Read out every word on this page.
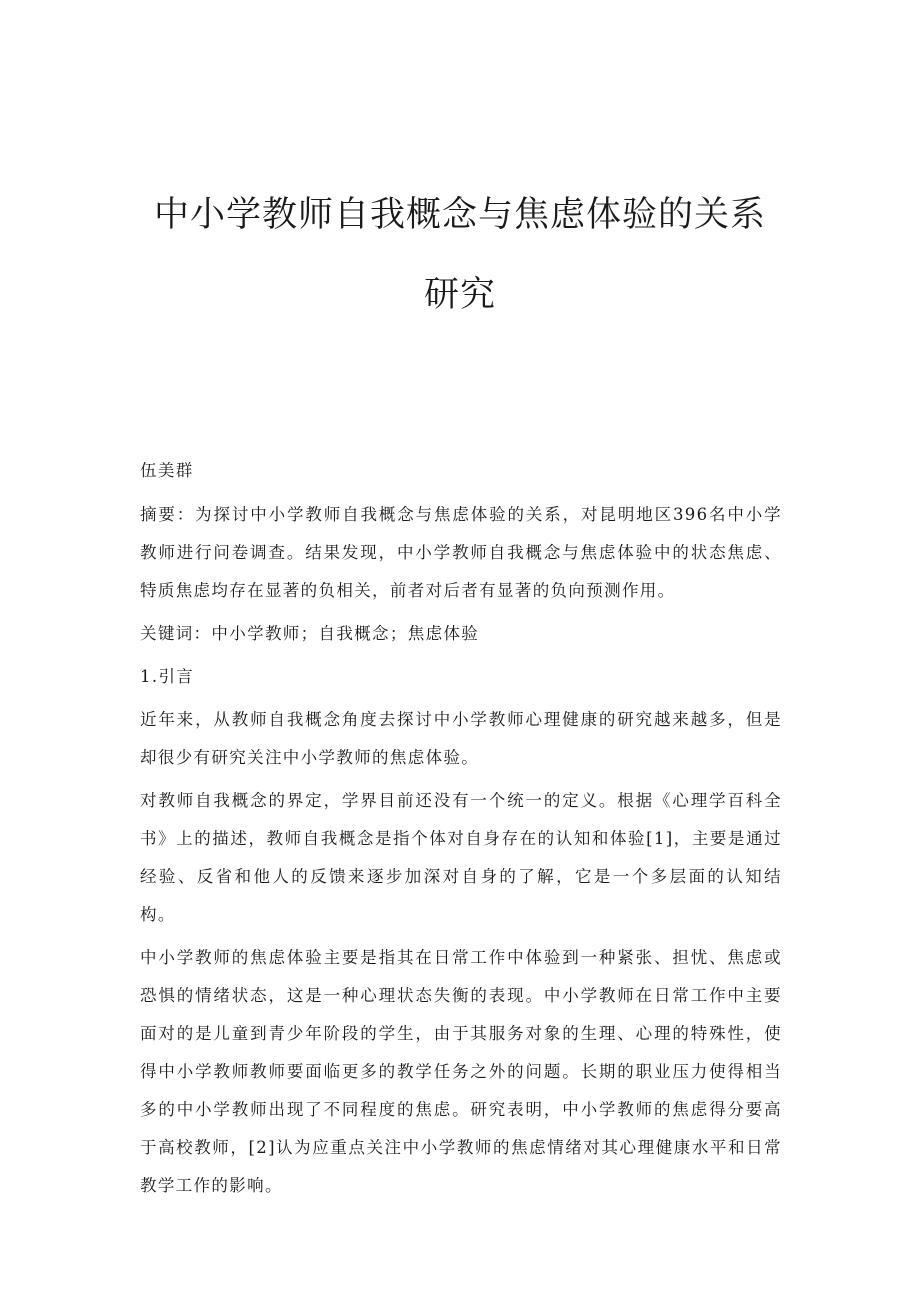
中小学教师自我概念与焦虑体验的关系研究

伍美群

摘要：为探讨中小学教师自我概念与焦虑体验的关系，对昆明地区396名中小学教师进行问卷调查。结果发现，中小学教师自我概念与焦虑体验中的状态焦虑、特质焦虑均存在显著的负相关，前者对后者有显著的负向预测作用。

关键词：中小学教师；自我概念；焦虑体验

1.引言

近年来，从教师自我概念角度去探讨中小学教师心理健康的研究越来越多，但是却很少有研究关注中小学教师的焦虑体验。

对教师自我概念的界定，学界目前还没有一个统一的定义。根据《心理学百科全书》上的描述，教师自我概念是指个体对自身存在的认知和体验[1]，主要是通过经验、反省和他人的反馈来逐步加深对自身的了解，它是一个多层面的认知结构。

中小学教师的焦虑体验主要是指其在日常工作中体验到一种紧张、担忧、焦虑或恐惧的情绪状态，这是一种心理状态失衡的表现。中小学教师在日常工作中主要面对的是儿童到青少年阶段的学生，由于其服务对象的生理、心理的特殊性，使得中小学教师教师要面临更多的教学任务之外的问题。长期的职业压力使得相当多的中小学教师出现了不同程度的焦虑。研究表明，中小学教师的焦虑得分要高于高校教师，[2]认为应重点关注中小学教师的焦虑情绪对其心理健康水平和日常教学工作的影响。
